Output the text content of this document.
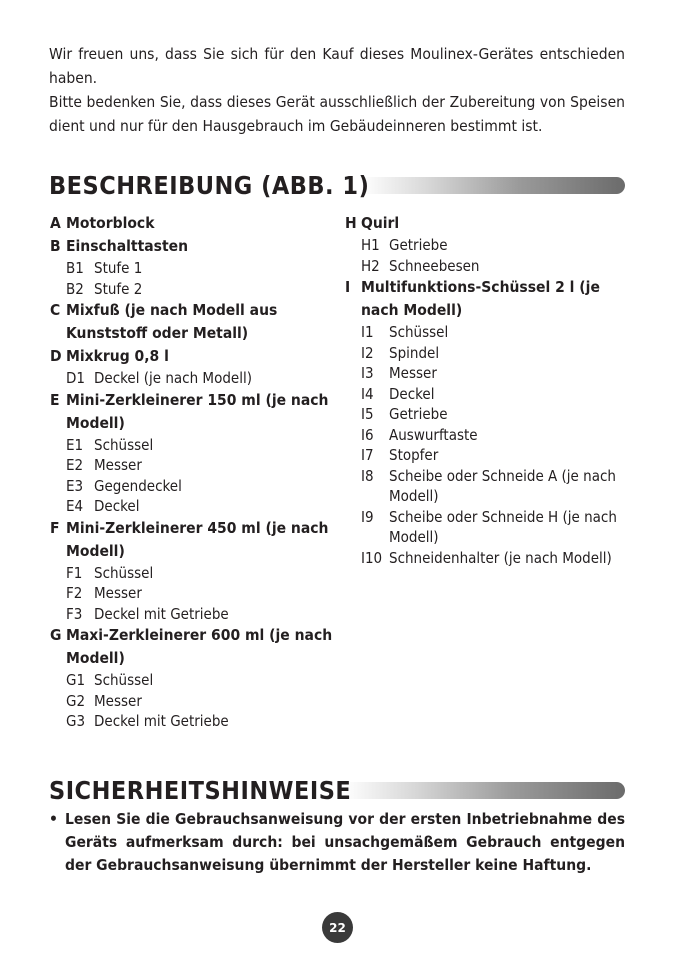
Wir freuen uns, dass Sie sich für den Kauf dieses Moulinex-Gerätes entschieden haben.

Bitte bedenken Sie, dass dieses Gerät ausschließlich der Zubereitung von Speisen dient und nur für den Hausgebrauch im Gebäudeinneren bestimmt ist.

BESCHREIBUNG (ABB. 1)
A Motorblock
B Einschalttasten
B1 Stufe 1
B2 Stufe 2
C Mixfuß (je nach Modell aus Kunststoff oder Metall)
D Mixkrug 0,8 l
D1 Deckel (je nach Modell)
E Mini-Zerkleinerer 150 ml (je nach Modell)
E1 Schüssel
E2 Messer
E3 Gegendeckel
E4 Deckel
F Mini-Zerkleinerer 450 ml (je nach Modell)
F1 Schüssel
F2 Messer
F3 Deckel mit Getriebe
G Maxi-Zerkleinerer 600 ml (je nach Modell)
G1 Schüssel
G2 Messer
G3 Deckel mit Getriebe
H Quirl
H1 Getriebe
H2 Schneebesen
I Multifunktions-Schüssel 2 l (je nach Modell)
I1	Schüssel
I2	Spindel
I3	Messer
I4	Deckel
I5	Getriebe
I6	Auswurftaste
I7	Stopfer
I8	Scheibe oder Schneide A (je nach Modell)
I9	Scheibe oder Schneide H (je nach Modell)
I10 Schneidenhalter (je nach Modell)
SICHERHEITSHINWEISE
• Lesen Sie die Gebrauchsanweisung vor der ersten Inbetriebnahme des Geräts aufmerksam durch: bei unsachgemäßem Gebrauch entgegen der Gebrauchsanweisung übernimmt der Hersteller keine Haftung.
22
